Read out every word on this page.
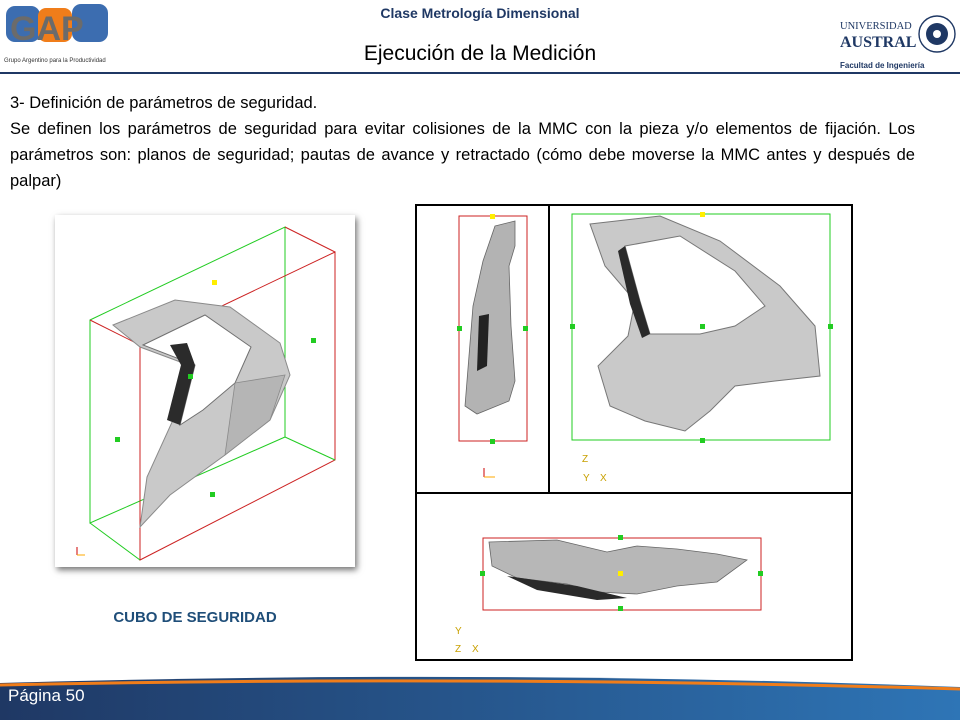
GAP
Grupo Argentino para la Productividad
Clase Metrología Dimensional
Ejecución de la Medición
UNIVERSIDAD
AUSTRAL
Facultad de Ingeniería

3- Definición de parámetros de seguridad.

Se definen los parámetros de seguridad para evitar colisiones de la MMC con la pieza y/o elementos de fijación. Los parámetros son: planos de seguridad; pautas de avance y retractado (cómo debe moverse la MMC antes y después de palpar)

CUBO DE SEGURIDAD
Z
Y X
Y
Z X
Página 50
